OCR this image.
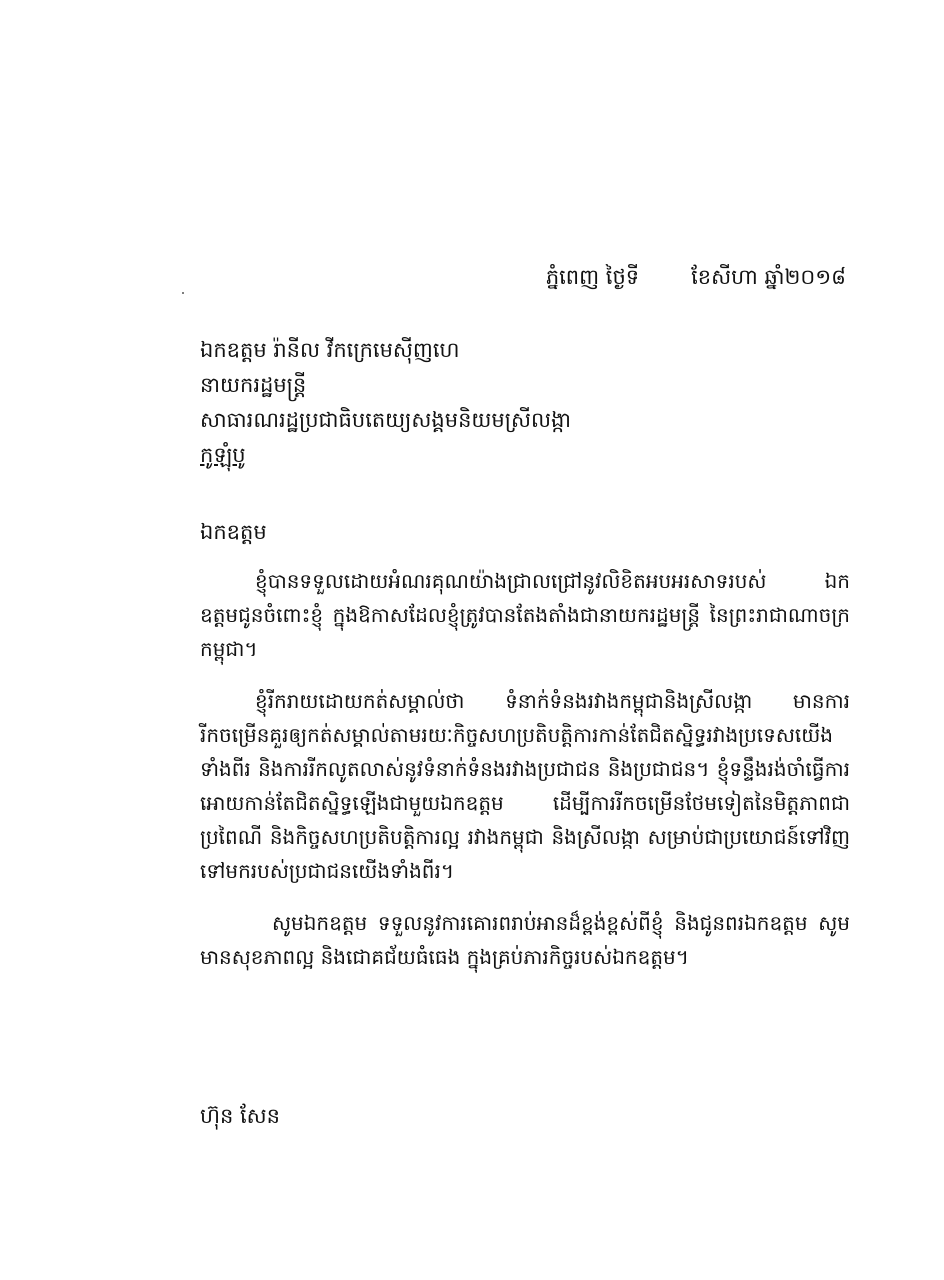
ភ្នំពេញ ថ្ងៃទី ខែសីហា ឆ្នាំ២០១៨
ឯកឧត្តម រ៉ានីល វីកក្រេមេស៊ីញហេ
នាយករដ្ឋមន្ត្រី
សាធារណរដ្ឋប្រជាធិបតេយ្យសង្គមនិយមស្រីលង្កា
កូឡុំបូ
ឯកឧត្តម

ខ្ញុំបានទទួលដោយអំណរគុណយ៉ាងជ្រាលជ្រៅនូវលិខិតអបអរសាទរបស់ ឯកឧត្តមជូនចំពោះខ្ញុំ ក្នុងឱកាសដែលខ្ញុំត្រូវបានតែងតាំងជានាយករដ្ឋមន្ត្រី នៃព្រះរាជាណាចក្រកម្ពុជា។

ខ្ញុំរីករាយដោយកត់សម្គាល់ថា ទំនាក់ទំនងរវាងកម្ពុជានិងស្រីលង្កា មានការរីកចម្រើនគួរឲ្យកត់សម្គាល់តាមរយៈកិច្ចសហប្រតិបត្តិការកាន់តែជិតស្និទ្ធរវាងប្រទេសយើងទាំងពីរ និងការរីកលូតលាស់នូវទំនាក់ទំនងរវាងប្រជាជន និងប្រជាជន។ ខ្ញុំទន្ទឹងរង់ចាំធ្វើការអោយកាន់តែជិតស្និទ្ធឡើងជាមួយឯកឧត្តម ដើម្បីការរីកចម្រើនថែមទៀតនៃមិត្តភាពជាប្រពៃណី និងកិច្ចសហប្រតិបត្តិការល្អ រវាងកម្ពុជា និងស្រីលង្កា សម្រាប់ជាប្រយោជន៍ទៅវិញទៅមករបស់ប្រជាជនយើងទាំងពីរ។

សូមឯកឧត្តម ទទួលនូវការគោរពរាប់អានដ៏ខ្ពង់ខ្ពស់ពីខ្ញុំ និងជូនពរឯកឧត្តម សូមមានសុខភាពល្អ និងជោគជ័យធំធេង ក្នុងគ្រប់ភារកិច្ចរបស់ឯកឧត្តម។

ហ៊ុន សែន
